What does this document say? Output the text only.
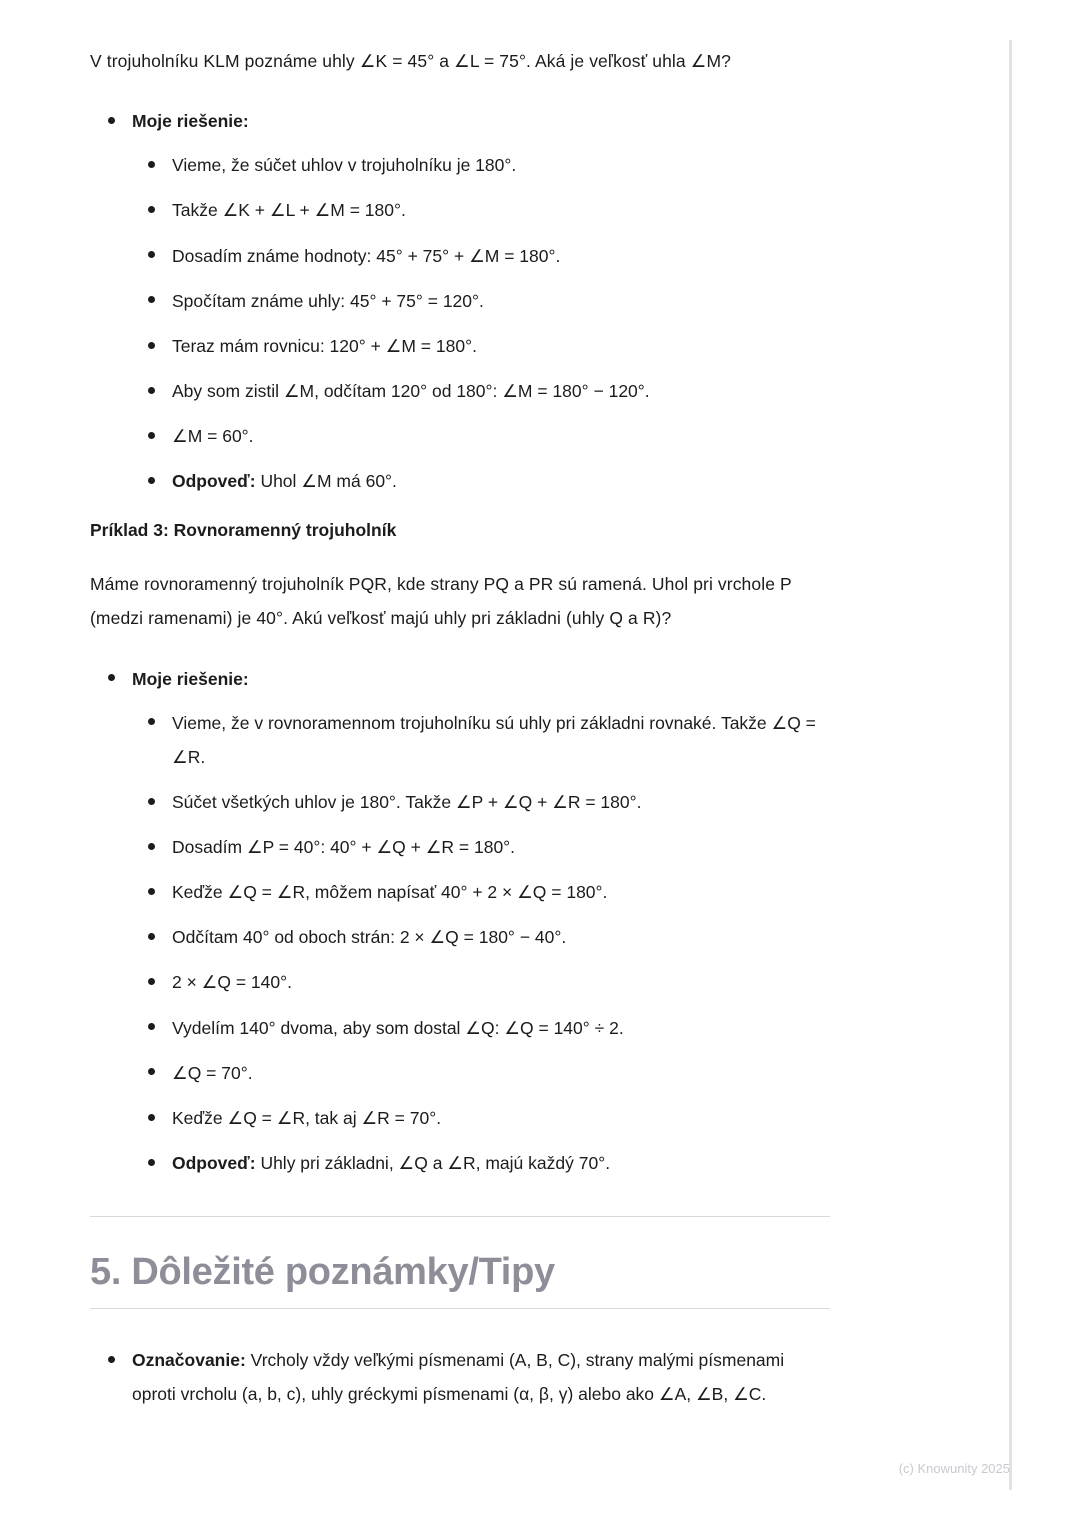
V trojuholníku KLM poznáme uhly ∠K = 45° a ∠L = 75°. Aká je veľkosť uhla ∠M?

Moje riešenie:
Vieme, že súčet uhlov v trojuholníku je 180°.
Takže ∠K + ∠L + ∠M = 180°.
Dosadím známe hodnoty: 45° + 75° + ∠M = 180°.
Spočítam známe uhly: 45° + 75° = 120°.
Teraz mám rovnicu: 120° + ∠M = 180°.
Aby som zistil ∠M, odčítam 120° od 180°: ∠M = 180° − 120°.
∠M = 60°.
Odpoveď: Uhol ∠M má 60°.
Príklad 3: Rovnoramenný trojuholník

Máme rovnoramenný trojuholník PQR, kde strany PQ a PR sú ramená. Uhol pri vrchole P (medzi ramenami) je 40°. Akú veľkosť majú uhly pri základni (uhly Q a R)?

Moje riešenie:
Vieme, že v rovnoramennom trojuholníku sú uhly pri základni rovnaké. Takže ∠Q = ∠R.
Súčet všetkých uhlov je 180°. Takže ∠P + ∠Q + ∠R = 180°.
Dosadím ∠P = 40°: 40° + ∠Q + ∠R = 180°.
Keďže ∠Q = ∠R, môžem napísať 40° + 2 × ∠Q = 180°.
Odčítam 40° od oboch strán: 2 × ∠Q = 180° − 40°.
2 × ∠Q = 140°.
Vydelím 140° dvoma, aby som dostal ∠Q: ∠Q = 140° ÷ 2.
∠Q = 70°.
Keďže ∠Q = ∠R, tak aj ∠R = 70°.
Odpoveď: Uhly pri základni, ∠Q a ∠R, majú každý 70°.
5. Dôležité poznámky/Tipy
Označovanie: Vrcholy vždy veľkými písmenami (A, B, C), strany malými písmenami oproti vrcholu (a, b, c), uhly gréckymi písmenami (α, β, γ) alebo ako ∠A, ∠B, ∠C.
(c) Knowunity 2025
